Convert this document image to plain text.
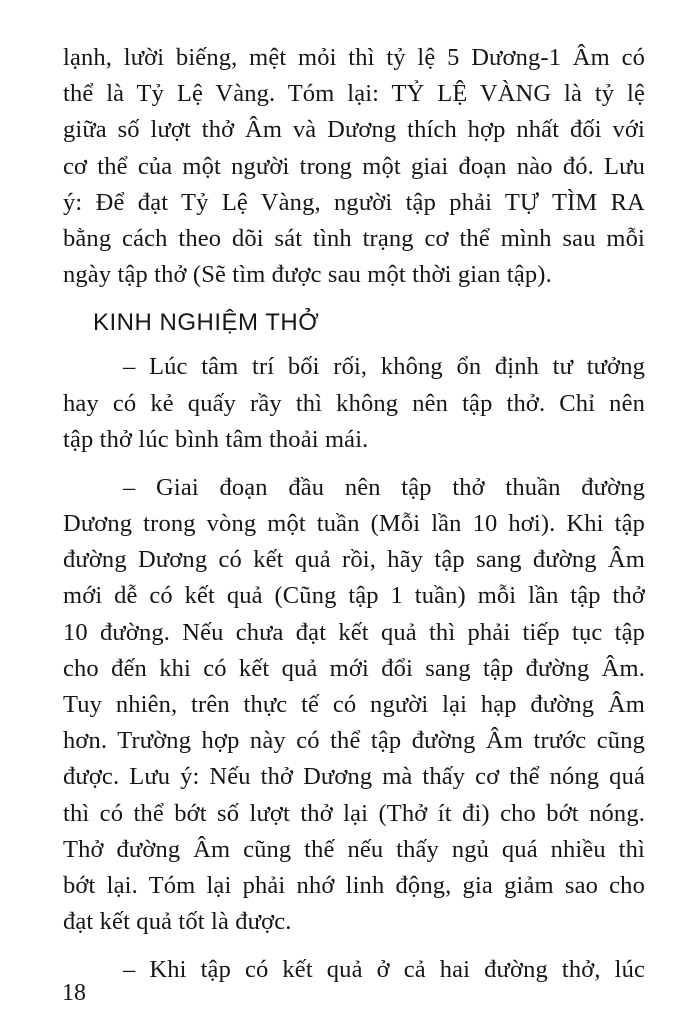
lạnh, lười biếng, mệt mỏi thì tỷ lệ 5 Dương-1 Âm có
thể là Tỷ Lệ Vàng. Tóm lại: TỶ LỆ VÀNG là tỷ lệ
giữa số lượt thở Âm và Dương thích hợp nhất đối với
cơ thể của một người trong một giai đoạn nào đó. Lưu
ý: Để đạt Tỷ Lệ Vàng, người tập phải TỰ TÌM RA
bằng cách theo dõi sát tình trạng cơ thể mình sau mỗi
ngày tập thở (Sẽ tìm được sau một thời gian tập).
KINH NGHIỆM THỞ
– Lúc tâm trí bối rối, không ổn định tư tưởng
hay có kẻ quấy rầy thì không nên tập thở. Chỉ nên
tập thở lúc bình tâm thoải mái.
– Giai đoạn đầu nên tập thở thuần đường
Dương trong vòng một tuần (Mỗi lần 10 hơi). Khi tập
đường Dương có kết quả rồi, hãy tập sang đường Âm
mới dễ có kết quả (Cũng tập 1 tuần) mỗi lần tập thở
10 đường. Nếu chưa đạt kết quả thì phải tiếp tục tập
cho đến khi có kết quả mới đổi sang tập đường Âm.
Tuy nhiên, trên thực tế có người lại hạp đường Âm
hơn. Trường hợp này có thể tập đường Âm trước cũng
được. Lưu ý: Nếu thở Dương mà thấy cơ thể nóng quá
thì có thể bớt số lượt thở lại (Thở ít đi) cho bớt nóng.
Thở đường Âm cũng thế nếu thấy ngủ quá nhiều thì
bớt lại. Tóm lại phải nhớ linh động, gia giảm sao cho
đạt kết quả tốt là được.
– Khi tập có kết quả ở cả hai đường thở, lúc
18
